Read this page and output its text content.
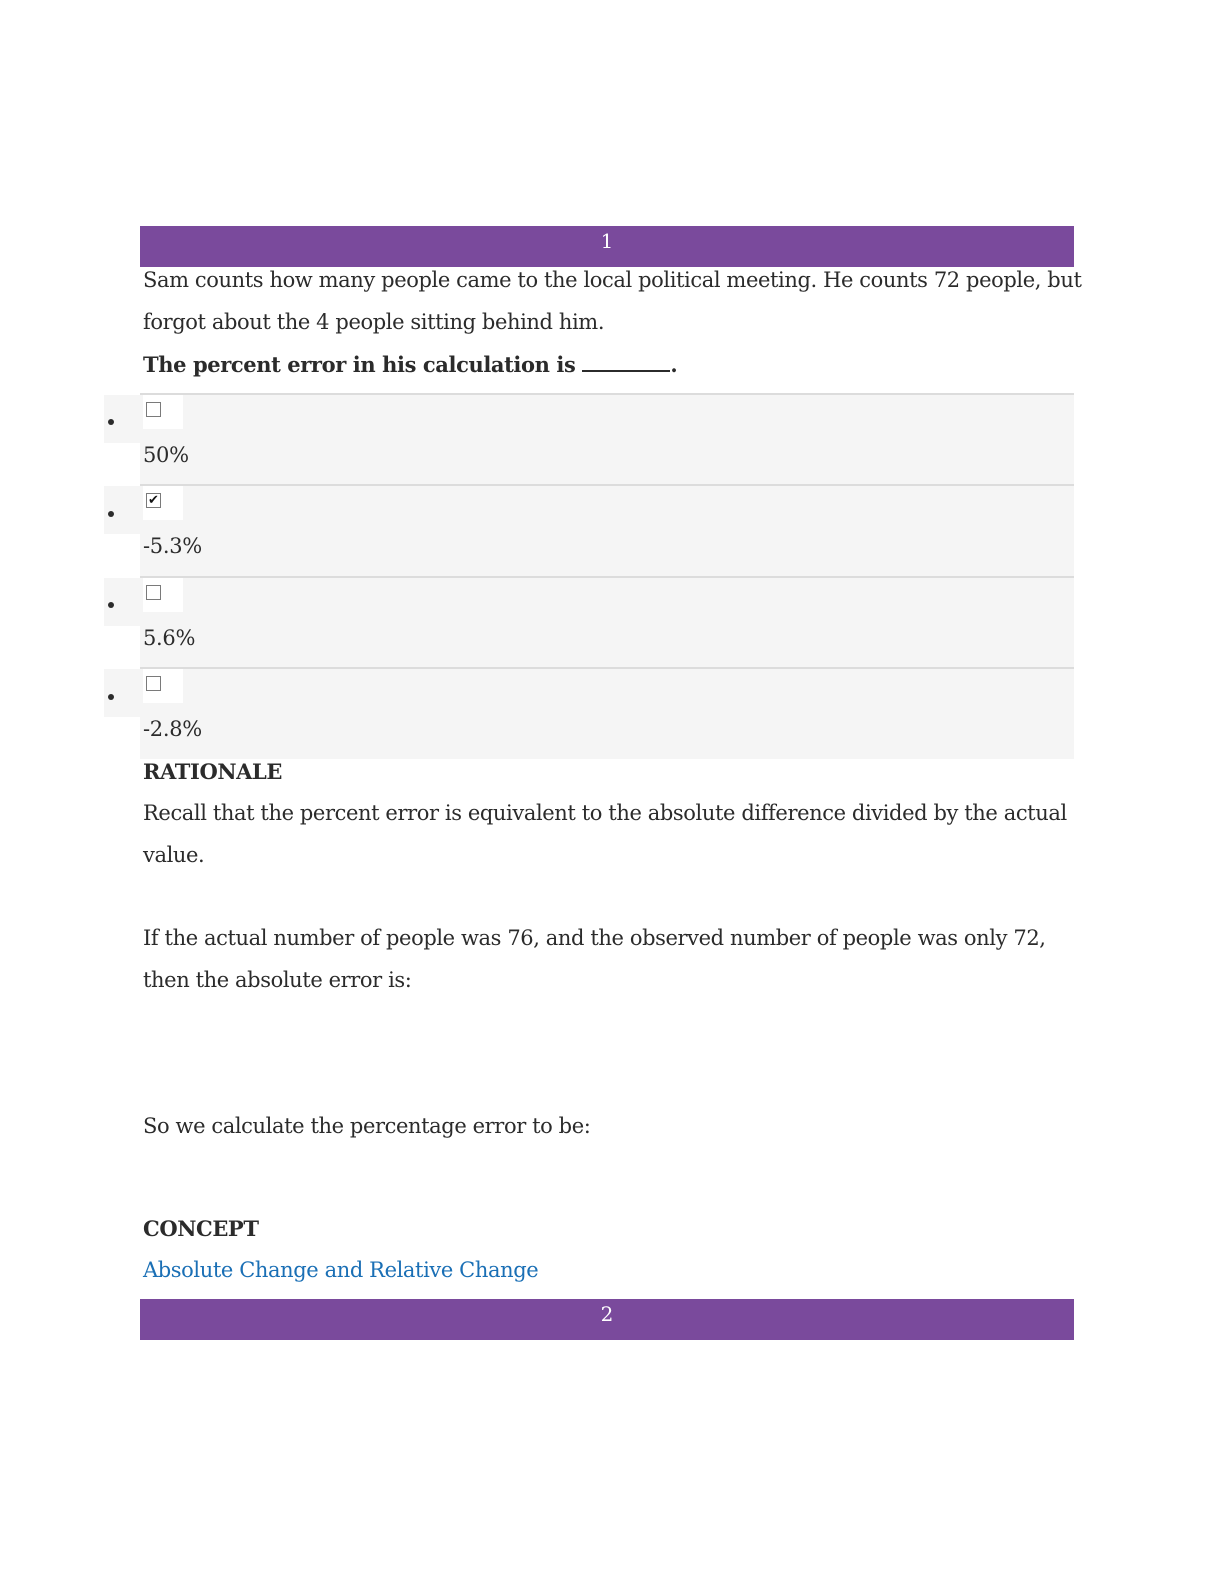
1
Sam counts how many people came to the local political meeting. He counts 72 people, but
forgot about the 4 people sitting behind him.
The percent error in his calculation is	.
50%
✔
-5.3%
5.6%
-2.8%
RATIONALE
Recall that the percent error is equivalent to the absolute difference divided by the actual
value.
If the actual number of people was 76, and the observed number of people was only 72,
then the absolute error is:
So we calculate the percentage error to be:
CONCEPT
Absolute Change and Relative Change
2
